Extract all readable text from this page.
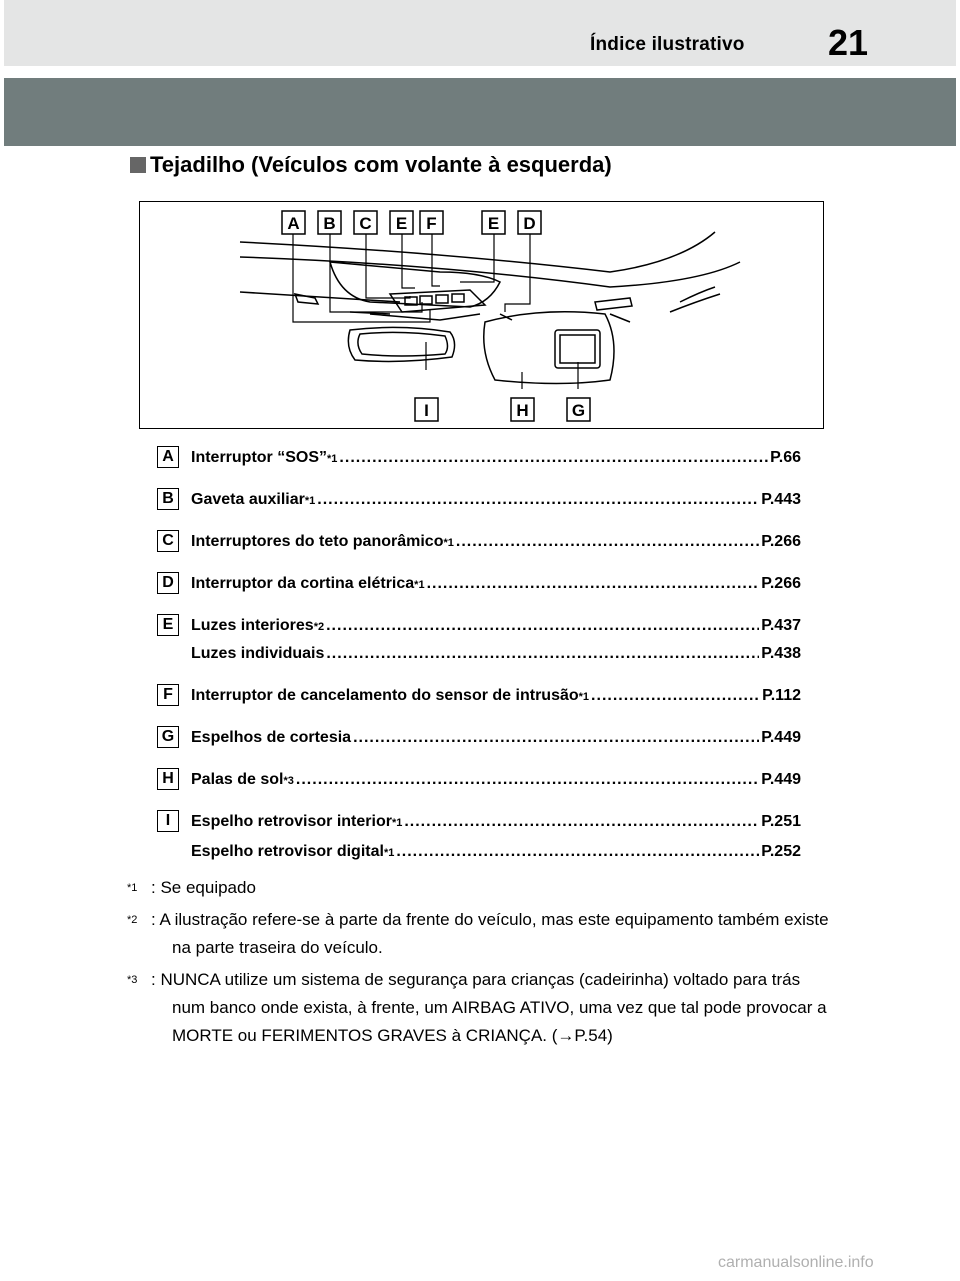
Índice ilustrativo 21
Tejadilho (Veículos com volante à esquerda)
A B C E F	E D
I	H	G
A	Interruptor “SOS” *1 .....	P.66
B	Gaveta auxiliar *1 .....	P.443
C	Interruptores do teto panorâmico *1 .....	P.266
D	Interruptor da cortina elétrica *1 .....	P.266
E	Luzes interiores *2 .....	P.437
Luzes individuais .....	P.438
F	Interruptor de cancelamento do sensor de intrusão *1 .....	P.112
G Espelhos de cortesia .....	P.449
H	Palas de sol *3 .....	P.449
I	Espelho retrovisor interior *1 .....	P.251
Espelho retrovisor digital *1 .....	P.252
$^{*1}$ : Se equipado

$^{*2}$ : A ilustração refere-se à parte da frente do veículo, mas este equipamento também existe na parte traseira do veículo.
$^{*3}$ : NUNCA utilize um sistema de segurança para crianças (cadeirinha) voltado para trás num banco onde exista, à frente, um AIRBAG ATIVO, uma vez que tal pode provocar a MORTE ou FERIMENTOS GRAVES à CRIANÇA. (→P.54)
carmanualsonline.info
